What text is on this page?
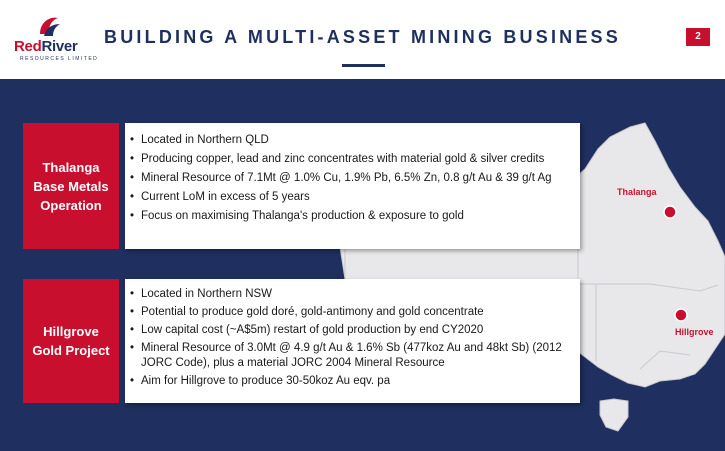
RedRiver
RESOURCES LIMITED
BUILDING A MULTI-ASSET MINING BUSINESS	2
Thalanga
Hillgrove
Thalanga
Base Metals
Operation
• Located in Northern QLD
• Producing copper, lead and zinc concentrates with material gold & silver credits
• Mineral Resource of 7.1Mt @ 1.0% Cu, 1.9% Pb, 6.5% Zn, 0.8 g/t Au & 39 g/t Ag
• Current LoM in excess of 5 years
• Focus on maximising Thalanga's production & exposure to gold
Hillgrove
Gold Project
• Located in Northern NSW
• Potential to produce gold doré, gold-antimony and gold concentrate
• Low capital cost (~A$5m) restart of gold production by end CY2020
• Mineral Resource of 3.0Mt @ 4.9 g/t Au & 1.6% Sb (477koz Au and 48kt Sb) (2012 JORC Code), plus a material JORC 2004 Mineral Resource
• Aim for Hillgrove to produce 30-50koz Au eqv. pa
